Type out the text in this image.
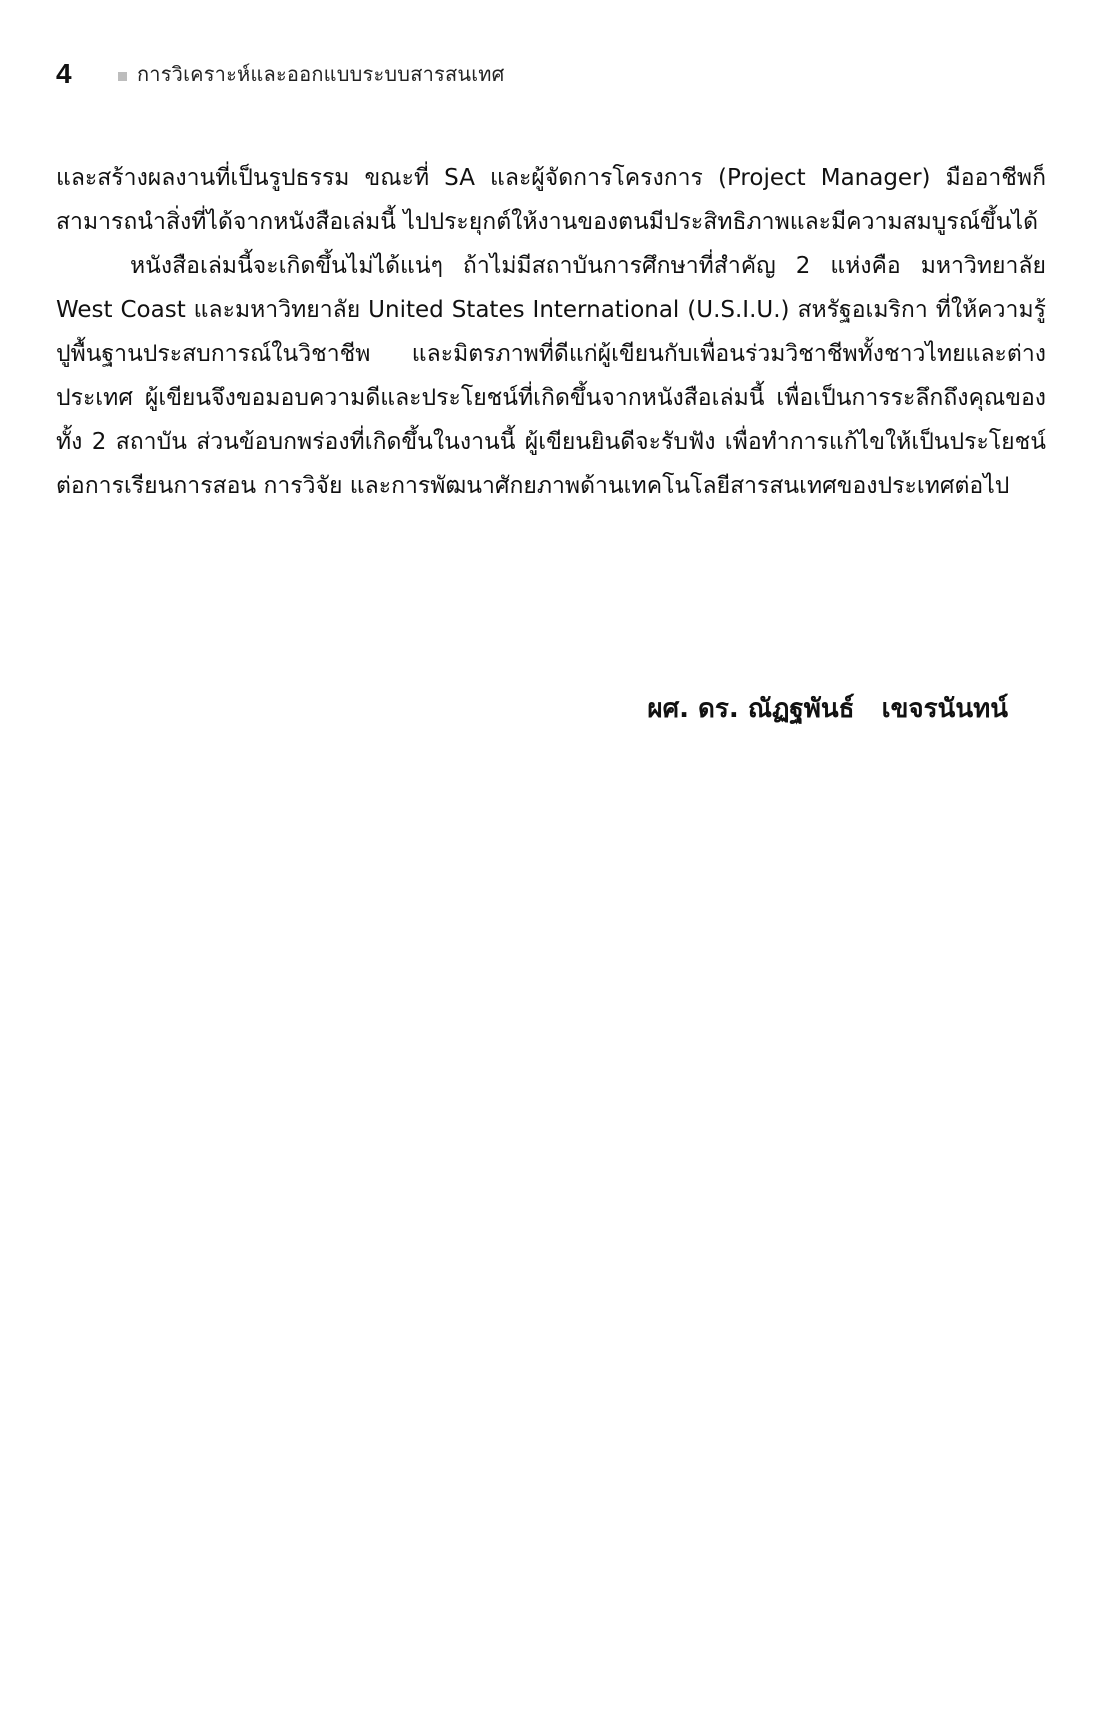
4	การวิเคราะห์และออกแบบระบบสารสนเทศ

และสร้างผลงานที่เป็นรูปธรรม ขณะที่ SA และผู้จัดการโครงการ (Project Manager) มืออาชีพก็สามารถนำสิ่งที่ได้จากหนังสือเล่มนี้ ไปประยุกต์ให้งานของตนมีประสิทธิภาพและมีความสมบูรณ์ขึ้นได้

หนังสือเล่มนี้จะเกิดขึ้นไม่ได้แน่ๆ ถ้าไม่มีสถาบันการศึกษาที่สำคัญ 2 แห่งคือ มหาวิทยาลัย West Coast และมหาวิทยาลัย United States International (U.S.I.U.) สหรัฐอเมริกา ที่ให้ความรู้ปูพื้นฐานประสบการณ์ในวิชาชีพ และมิตรภาพที่ดีแก่ผู้เขียนกับเพื่อนร่วมวิชาชีพทั้งชาวไทยและต่างประเทศ ผู้เขียนจึงขอมอบความดีและประโยชน์ที่เกิดขึ้นจากหนังสือเล่มนี้ เพื่อเป็นการระลึกถึงคุณของทั้ง 2 สถาบัน ส่วนข้อบกพร่องที่เกิดขึ้นในงานนี้ ผู้เขียนยินดีจะรับฟัง เพื่อทำการแก้ไขให้เป็นประโยชน์ต่อการเรียนการสอน การวิจัย และการพัฒนาศักยภาพด้านเทคโนโลยีสารสนเทศของประเทศต่อไป

ผศ. ดร. ณัฏฐพันธ์   เขจรนันทน์
